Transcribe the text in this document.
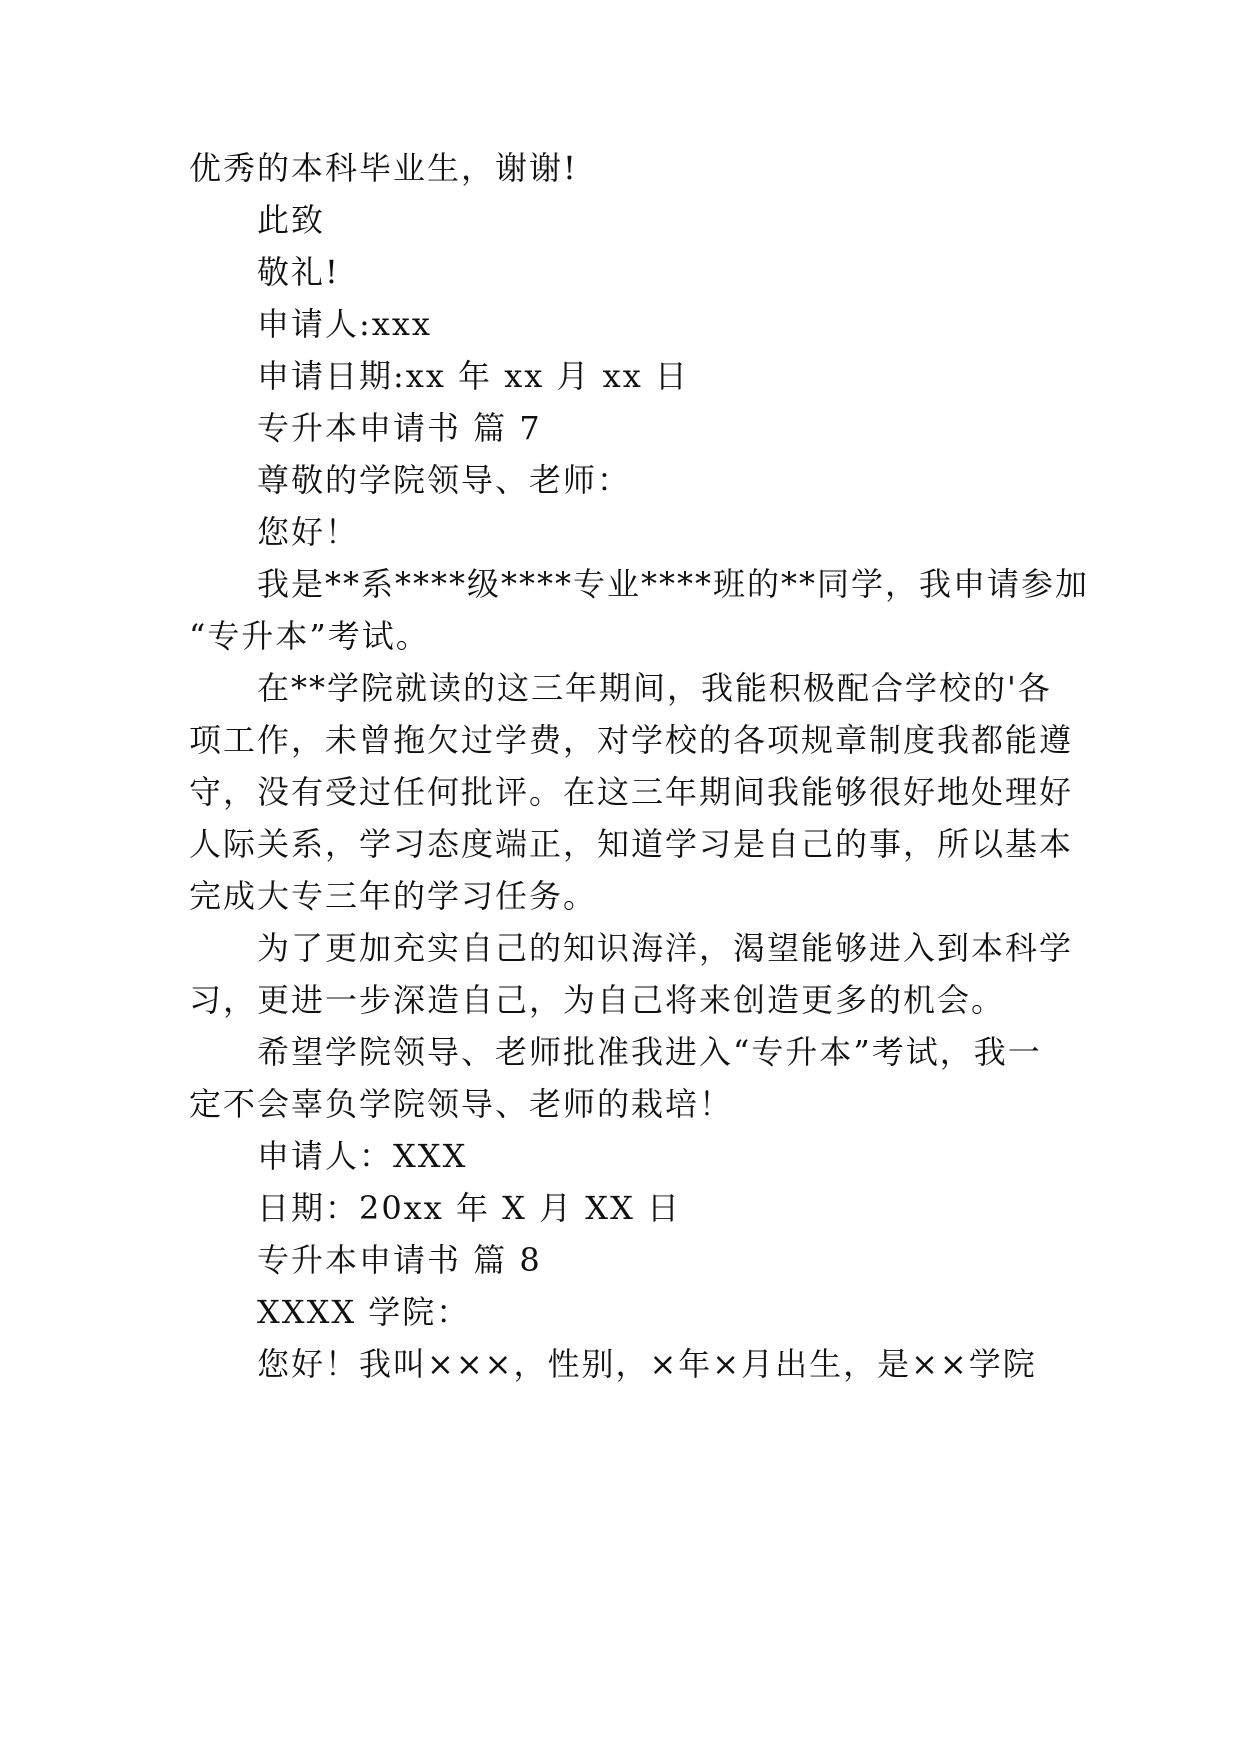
优秀的本科毕业生，谢谢!
此致
敬礼!
申请人:xxx
申请日期:xx 年 xx 月 xx 日
专升本申请书 篇 7
尊敬的学院领导、老师：
您好！
我是**系****级****专业****班的**同学，我申请参加
“专升本”考试。
在**学院就读的这三年期间，我能积极配合学校的'各
项工作，未曾拖欠过学费，对学校的各项规章制度我都能遵
守，没有受过任何批评。在这三年期间我能够很好地处理好
人际关系，学习态度端正，知道学习是自己的事，所以基本
完成大专三年的学习任务。
为了更加充实自己的知识海洋，渴望能够进入到本科学
习，更进一步深造自己，为自己将来创造更多的机会。
希望学院领导、老师批准我进入“专升本”考试，我一
定不会辜负学院领导、老师的栽培！
申请人：XXX
日期：20xx 年 X 月 XX 日
专升本申请书 篇 8
XXXX 学院：
您好！我叫×××，性别，×年×月出生，是××学院
